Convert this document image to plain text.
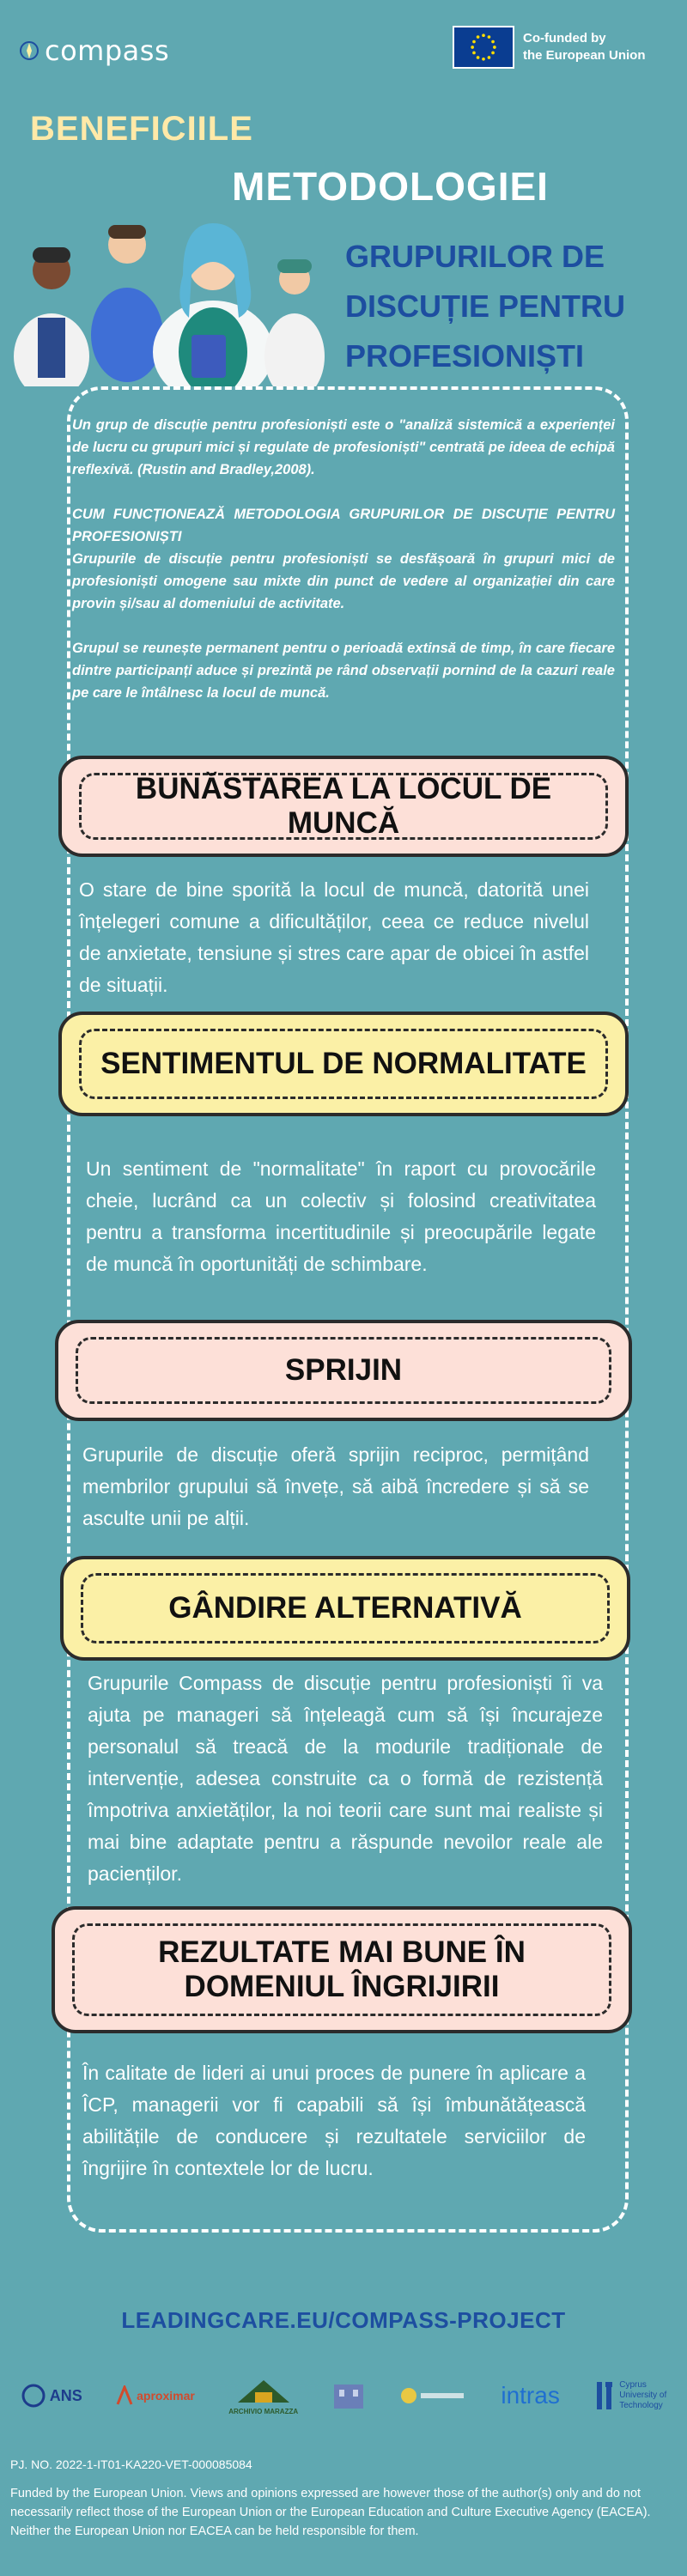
compass	Co-funded by
the European Union
BENEFICIILE
METODOLOGIEI
GRUPURILOR DE
DISCUȚIE PENTRU
PROFESIONIȘTI

Un grup de discuție pentru profesioniști este o "analiză sistemică a experienței de lucru cu grupuri mici și regulate de profesioniști" centrată pe ideea de echipă reflexivă. (Rustin and Bradley,2008).

CUM FUNCȚIONEAZĂ METODOLOGIA GRUPURILOR DE DISCUȚIE PENTRU PROFESIONIȘTI

Grupurile de discuție pentru profesioniști se desfășoară în grupuri mici de profesioniști omogene sau mixte din punct de vedere al organizației din care provin și/sau al domeniului de activitate.

Grupul se reunește permanent pentru o perioadă extinsă de timp, în care fiecare dintre participanți aduce și prezintă pe rând observații pornind de la cazuri reale pe care le întâlnesc la locul de muncă.

BUNĂSTAREA LA LOCUL DE MUNCĂ
O stare de bine sporită la locul de muncă, datorită unei înțelegeri comune a dificultăților, ceea ce reduce nivelul de anxietate, tensiune și stres care apar de obicei în astfel de situații.
SENTIMENTUL DE NORMALITATE
Un sentiment de "normalitate" în raport cu provocările cheie, lucrând ca un colectiv și folosind creativitatea pentru a transforma incertitudinile și preocupările legate de muncă în oportunități de schimbare.
SPRIJIN
Grupurile de discuție oferă sprijin reciproc, permițând membrilor grupului să învețe, să aibă încredere și să se asculte unii pe alții.
GÂNDIRE ALTERNATIVĂ
Grupurile Compass de discuție pentru profesioniști îi va ajuta pe manageri să înțeleagă cum să își încurajeze personalul să treacă de la modurile tradiționale de intervenție, adesea construite ca o formă de rezistență împotriva anxietăților, la noi teorii care sunt mai realiste și mai bine adaptate pentru a răspunde nevoilor reale ale pacienților.
REZULTATE MAI BUNE ÎN DOMENIUL ÎNGRIJIRII
În calitate de lideri ai unui proces de punere în aplicare a ÎCP, managerii vor fi capabili să își îmbunătățească abilitățile de conducere și rezultatele serviciilor de îngrijire în contextele lor de lucru.
LEADINGCARE.EU/COMPASS-PROJECT
ANS	aproximar
ARCHIVIO MARAZZA
intras	Cyprus
University of
Technology
PJ. NO. 2022-1-IT01-KA220-VET-000085084
Funded by the European Union. Views and opinions expressed are however those of the author(s) only and do not necessarily reflect those of the European Union or the European Education and Culture Executive Agency (EACEA). Neither the European Union nor EACEA can be held responsible for them.
